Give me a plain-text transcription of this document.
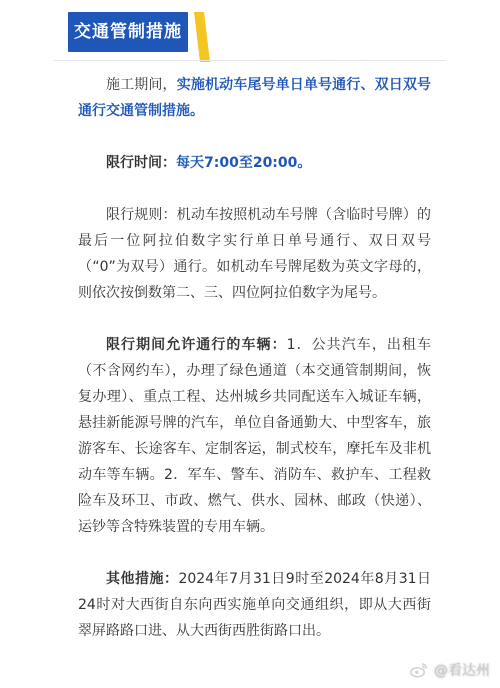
交通管制措施

施工期间，实施机动车尾号单日单号通行、双日双号通行交通管制措施。

限行时间：每天7:00至20:00。

限行规则：机动车按照机动车号牌（含临时号牌）的最后一位阿拉伯数字实行单日单号通行、双日双号（“0”为双号）通行。如机动车号牌尾数为英文字母的，则依次按倒数第二、三、四位阿拉伯数字为尾号。

限行期间允许通行的车辆：1．公共汽车，出租车（不含网约车），办理了绿色通道（本交通管制期间，恢复办理）、重点工程、达州城乡共同配送车入城证车辆，悬挂新能源号牌的汽车，单位自备通勤大、中型客车，旅游客车、长途客车、定制客运，制式校车，摩托车及非机动车等车辆。2．军车、警车、消防车、救护车、工程救险车及环卫、市政、燃气、供水、园林、邮政（快递）、运钞等含特殊装置的专用车辆。

其他措施：2024年7月31日9时至2024年8月31日24时对大西街自东向西实施单向交通组织，即从大西街翠屏路路口进、从大西街西胜街路口出。

@看达州
